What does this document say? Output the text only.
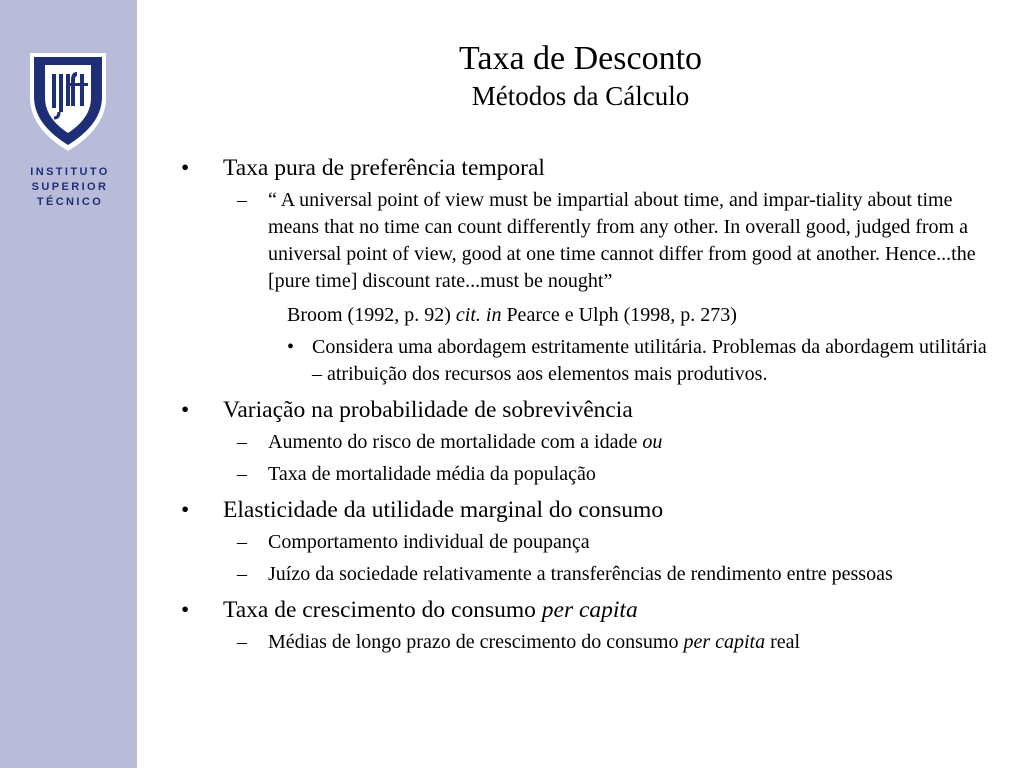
INSTITUTO
SUPERIOR
TÉCNICO
Taxa de Desconto
Métodos da Cálculo
• Taxa pura de preferência temporal
– “ A universal point of view must be impartial about time, and impar-tiality about time means that no time can count differently from any other. In overall good, judged from a universal point of view, good at one time cannot differ from good at another. Hence...the [pure time] discount rate...must be nought”
Broom (1992, p. 92) cit. in Pearce e Ulph (1998, p. 273)
• Considera uma abordagem estritamente utilitária. Problemas da abordagem utilitária – atribuição dos recursos aos elementos mais produtivos.
• Variação na probabilidade de sobrevivência
– Aumento do risco de mortalidade com a idade ou
– Taxa de mortalidade média da população
• Elasticidade da utilidade marginal do consumo
– Comportamento individual de poupança
– Juízo da sociedade relativamente a transferências de rendimento entre pessoas
• Taxa de crescimento do consumo per capita
– Médias de longo prazo de crescimento do consumo per capita real
